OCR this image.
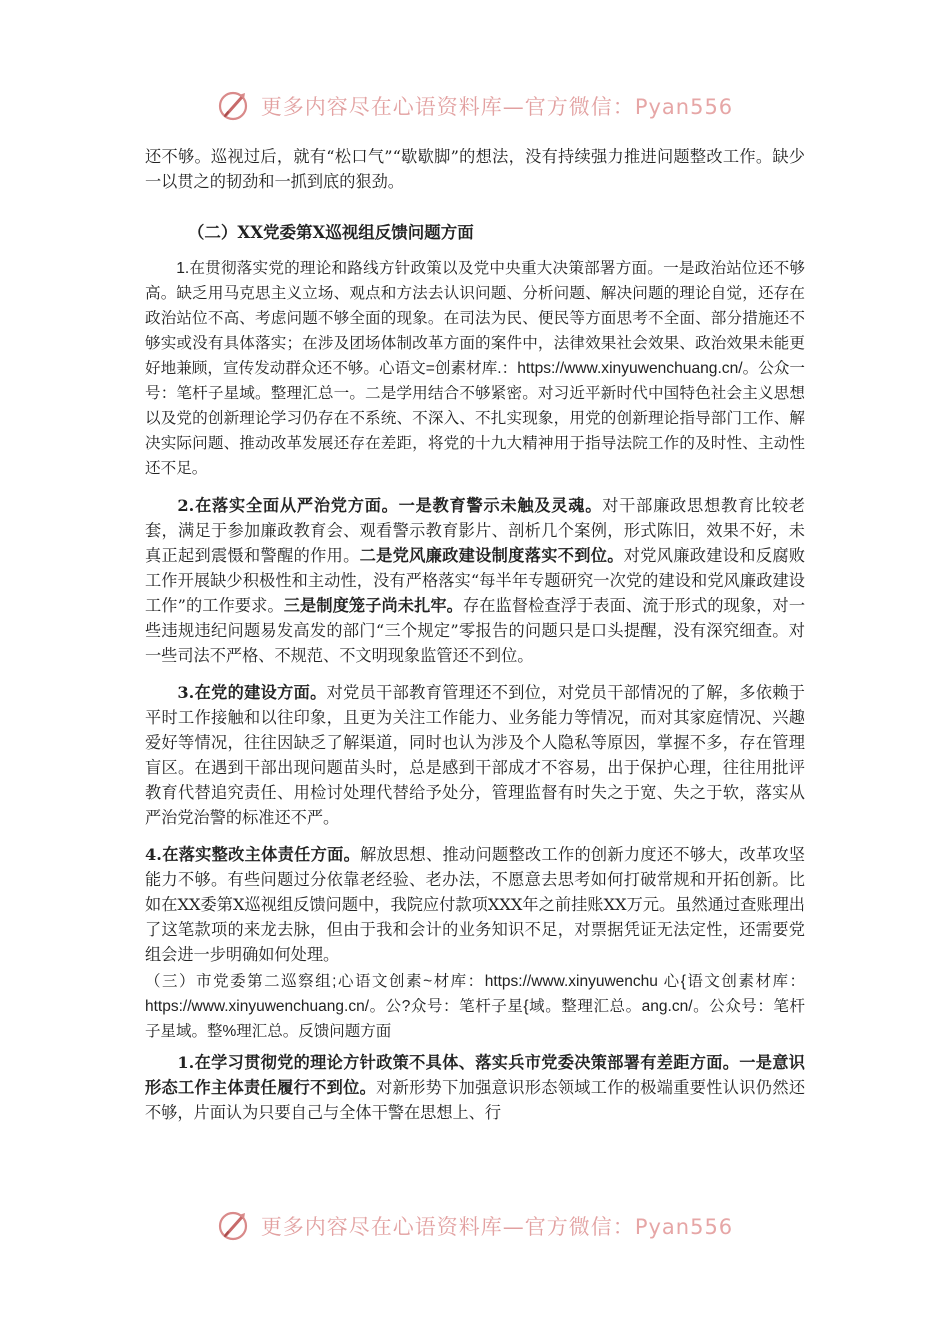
更多内容尽在心语资料库—官方微信：Pyan556

还不够。巡视过后，就有“松口气”“歇歇脚”的想法，没有持续强力推进问题整改工作。缺少一以贯之的韧劲和一抓到底的狠劲。

（二）XX党委第X巡视组反馈问题方面

1.在贯彻落实党的理论和路线方针政策以及党中央重大决策部署方面。一是政治站位还不够高。缺乏用马克思主义立场、观点和方法去认识问题、分析问题、解决问题的理论自觉，还存在政治站位不高、考虑问题不够全面的现象。在司法为民、便民等方面思考不全面、部分措施还不够实或没有具体落实；在涉及团场体制改革方面的案件中，法律效果社会效果、政治效果未能更好地兼顾，宣传发动群众还不够。心语文=创素材库.：https://www.xinyuwenchuang.cn/。公众一号：笔杆子星域。整理汇总一。二是学用结合不够紧密。对习近平新时代中国特色社会主义思想以及党的创新理论学习仍存在不系统、不深入、不扎实现象，用党的创新理论指导部门工作、解决实际问题、推动改革发展还存在差距，将党的十九大精神用于指导法院工作的及时性、主动性还不足。

2.在落实全面从严治党方面。一是教育警示未触及灵魂。对干部廉政思想教育比较老套，满足于参加廉政教育会、观看警示教育影片、剖析几个案例，形式陈旧，效果不好，未真正起到震慑和警醒的作用。二是党风廉政建设制度落实不到位。对党风廉政建设和反腐败工作开展缺少积极性和主动性，没有严格落实“每半年专题研究一次党的建设和党风廉政建设工作”的工作要求。三是制度笼子尚未扎牢。存在监督检查浮于表面、流于形式的现象，对一些违规违纪问题易发高发的部门“三个规定”零报告的问题只是口头提醒，没有深究细查。对一些司法不严格、不规范、不文明现象监管还不到位。

3.在党的建设方面。对党员干部教育管理还不到位，对党员干部情况的了解，多依赖于平时工作接触和以往印象，且更为关注工作能力、业务能力等情况，而对其家庭情况、兴趣爱好等情况，往往因缺乏了解渠道，同时也认为涉及个人隐私等原因，掌握不多，存在管理盲区。在遇到干部出现问题苗头时，总是感到干部成才不容易，出于保护心理，往往用批评教育代替追究责任、用检讨处理代替给予处分，管理监督有时失之于宽、失之于软，落实从严治党治警的标准还不严。

4.在落实整改主体责任方面。解放思想、推动问题整改工作的创新力度还不够大，改革攻坚能力不够。有些问题过分依靠老经验、老办法，不愿意去思考如何打破常规和开拓创新。比如在XX委第X巡视组反馈问题中，我院应付款项XXX年之前挂账XX万元。虽然通过查账理出了这笔款项的来龙去脉，但由于我和会计的业务知识不足，对票据凭证无法定性，还需要党组会进一步明确如何处理。

（三）市党委第二巡察组;心语文创素~材库：https://www.xinyuwenchu 心{语文创素材库：https://www.xinyuwenchuang.cn/。公?众号：笔杆子星{域。整理汇总。ang.cn/。公众号：笔杆子星域。整%理汇总。反馈问题方面

1.在学习贯彻党的理论方针政策不具体、落实兵市党委决策部署有差距方面。一是意识形态工作主体责任履行不到位。对新形势下加强意识形态领域工作的极端重要性认识仍然还不够，片面认为只要自己与全体干警在思想上、行

更多内容尽在心语资料库—官方微信：Pyan556
